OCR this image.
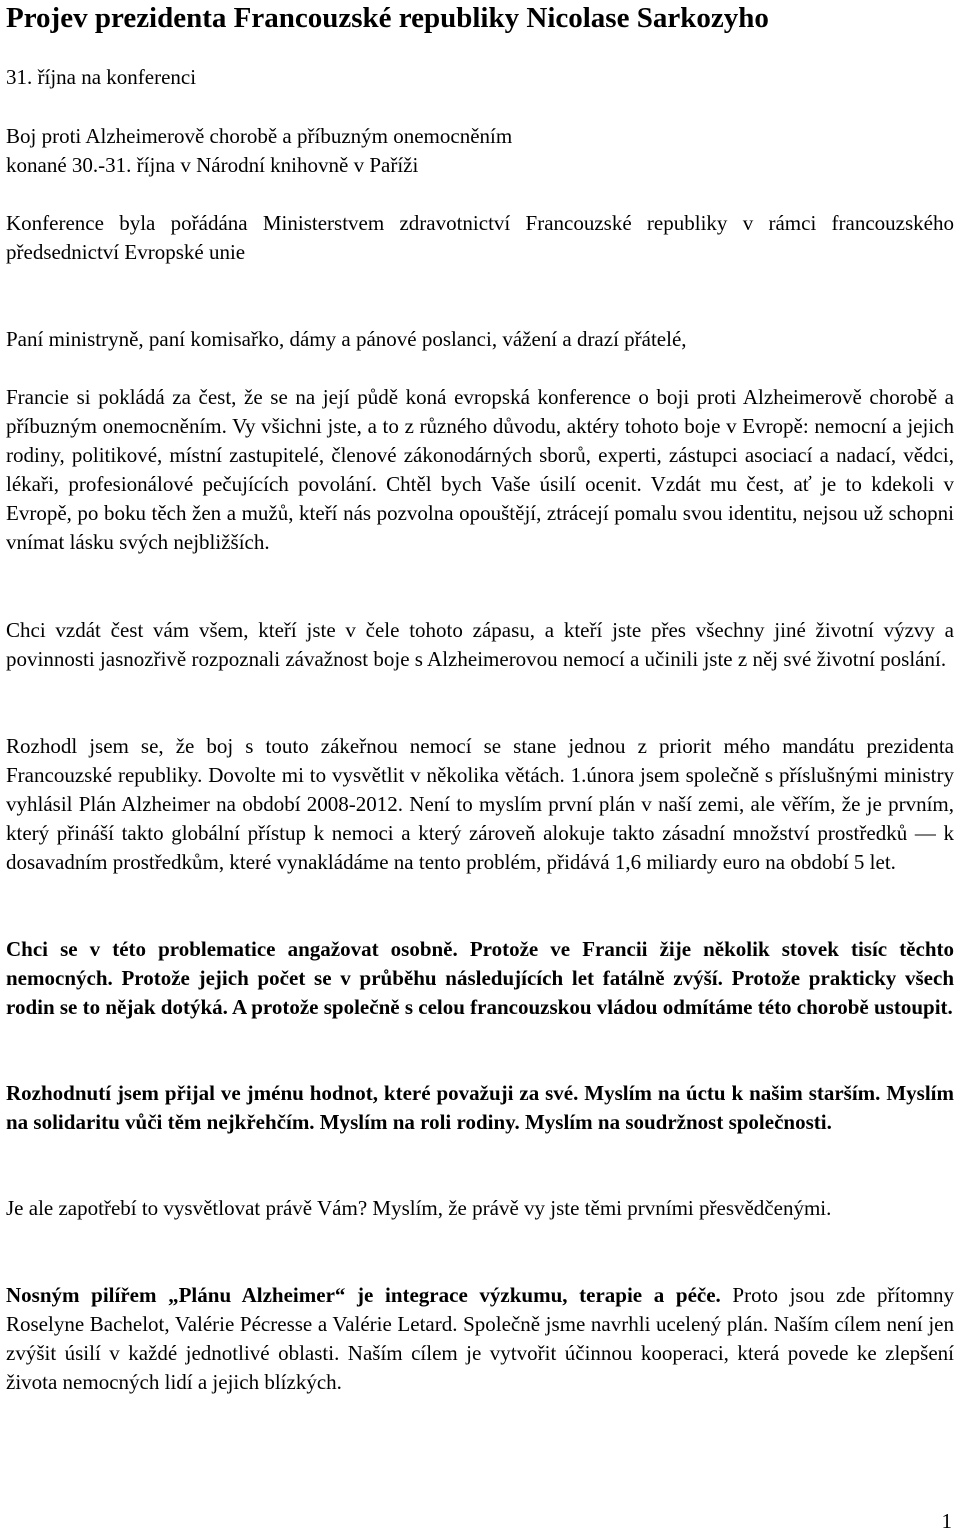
Projev prezidenta Francouzské republiky Nicolase Sarkozyho
31. října na konferenci
Boj proti Alzheimerově chorobě a příbuzným onemocněním
konané 30.-31. října v Národní knihovně v Paříži
Konference byla pořádána Ministerstvem zdravotnictví Francouzské republiky v rámci francouzského předsednictví Evropské unie
Paní ministryně, paní komisařko, dámy a pánové poslanci, vážení a drazí přátelé,
Francie si pokládá za čest, že se na její půdě koná evropská konference o boji proti Alzheimerově chorobě a příbuzným onemocněním. Vy všichni jste, a to z různého důvodu, aktéry tohoto boje v Evropě: nemocní a jejich rodiny, politikové, místní zastupitelé, členové zákonodárných sborů, experti, zástupci asociací a nadací, vědci, lékaři, profesionálové pečujících povolání. Chtěl bych Vaše úsilí ocenit. Vzdát mu čest, ať je to kdekoli v Evropě, po boku těch žen a mužů, kteří nás pozvolna opouštějí, ztrácejí pomalu svou identitu, nejsou už schopni vnímat lásku svých nejbližších.
Chci vzdát čest vám všem, kteří jste v čele tohoto zápasu, a kteří jste přes všechny jiné životní výzvy a povinnosti jasnozřivě rozpoznali závažnost boje s Alzheimerovou nemocí a učinili jste z něj své životní poslání.
Rozhodl jsem se, že boj s touto zákeřnou nemocí se stane jednou z priorit mého mandátu prezidenta Francouzské republiky. Dovolte mi to vysvětlit v několika větách. 1.února jsem společně s příslušnými ministry vyhlásil Plán Alzheimer na období 2008-2012. Není to myslím první plán v naší zemi, ale věřím, že je prvním, který přináší takto globální přístup k nemoci a který zároveň alokuje takto zásadní množství prostředků — k dosavadním prostředkům, které vynakládáme na tento problém, přidává 1,6 miliardy euro na období 5 let.
Chci se v této problematice angažovat osobně. Protože ve Francii žije několik stovek tisíc těchto nemocných. Protože jejich počet se v průběhu následujících let fatálně zvýší. Protože prakticky všech rodin se to nějak dotýká. A protože společně s celou francouzskou vládou odmítáme této chorobě ustoupit.
Rozhodnutí jsem přijal ve jménu hodnot, které považuji za své. Myslím na úctu k našim starším. Myslím na solidaritu vůči těm nejkřehčím. Myslím na roli rodiny. Myslím na soudržnost společnosti.
Je ale zapotřebí to vysvětlovat právě Vám? Myslím, že právě vy jste těmi prvními přesvědčenými.
Nosným pilířem „Plánu Alzheimer“ je integrace výzkumu, terapie a péče. Proto jsou zde přítomny Roselyne Bachelot, Valérie Pécresse a Valérie Letard. Společně jsme navrhli ucelený plán. Naším cílem není jen zvýšit úsilí v každé jednotlivé oblasti. Naším cílem je vytvořit účinnou kooperaci, která povede ke zlepšení života nemocných lidí a jejich blízkých.
1
